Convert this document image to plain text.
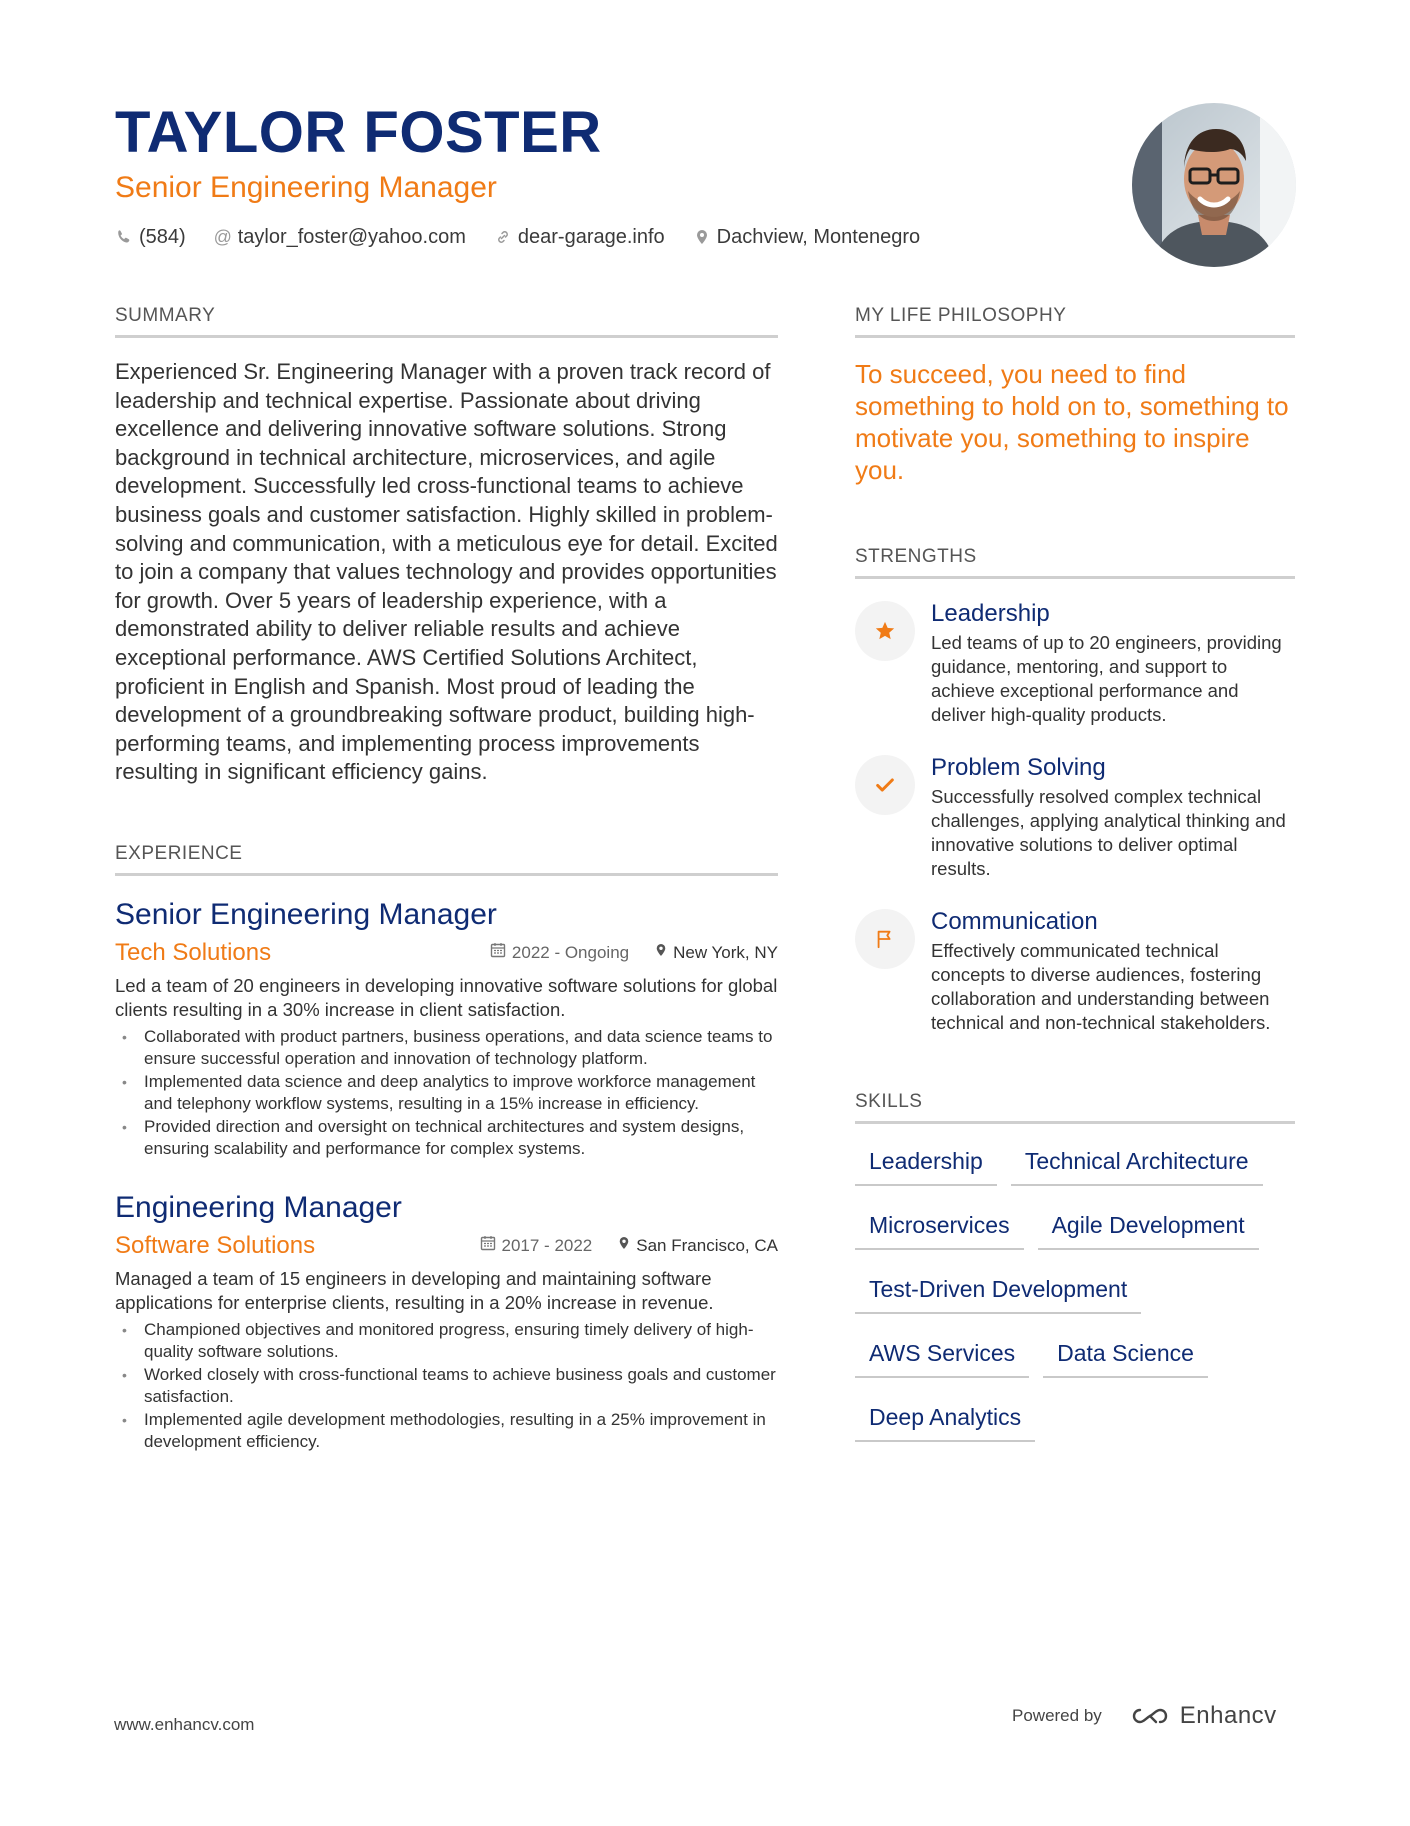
TAYLOR FOSTER
Senior Engineering Manager
(584) @ taylor_foster@yahoo.com	dear-garage.info	Dachview, Montenegro
SUMMARY
Experienced Sr. Engineering Manager with a proven track record of leadership and technical expertise. Passionate about driving excellence and delivering innovative software solutions. Strong background in technical architecture, microservices, and agile development. Successfully led cross-functional teams to achieve business goals and customer satisfaction. Highly skilled in problem-solving and communication, with a meticulous eye for detail. Excited to join a company that values technology and provides opportunities for growth. Over 5 years of leadership experience, with a demonstrated ability to deliver reliable results and achieve exceptional performance. AWS Certified Solutions Architect, proficient in English and Spanish. Most proud of leading the development of a groundbreaking software product, building high-performing teams, and implementing process improvements resulting in significant efficiency gains.
EXPERIENCE
Senior Engineering Manager
Tech Solutions	2022 - Ongoing	New York, NY
Led a team of 20 engineers in developing innovative software solutions for global clients resulting in a 30% increase in client satisfaction.
• Collaborated with product partners, business operations, and data science teams to ensure successful operation and innovation of technology platform.
• Implemented data science and deep analytics to improve workforce management and telephony workflow systems, resulting in a 15% increase in efficiency.
• Provided direction and oversight on technical architectures and system designs, ensuring scalability and performance for complex systems.
Engineering Manager
Software Solutions	2017 - 2022	San Francisco, CA
Managed a team of 15 engineers in developing and maintaining software applications for enterprise clients, resulting in a 20% increase in revenue.
• Championed objectives and monitored progress, ensuring timely delivery of high-quality software solutions.
• Worked closely with cross-functional teams to achieve business goals and customer satisfaction.
• Implemented agile development methodologies, resulting in a 25% improvement in development efficiency.
MY LIFE PHILOSOPHY
To succeed, you need to find something to hold on to, something to motivate you, something to inspire you.
STRENGTHS
Leadership
Led teams of up to 20 engineers, providing guidance, mentoring, and support to achieve exceptional performance and deliver high-quality products.
Problem Solving
Successfully resolved complex technical challenges, applying analytical thinking and innovative solutions to deliver optimal results.
Communication
Effectively communicated technical concepts to diverse audiences, fostering collaboration and understanding between technical and non-technical stakeholders.
SKILLS
Leadership	Technical Architecture
Microservices	Agile Development
Test-Driven Development
AWS Services	Data Science
Deep Analytics
www.enhancv.com	Powered by	Enhancv
